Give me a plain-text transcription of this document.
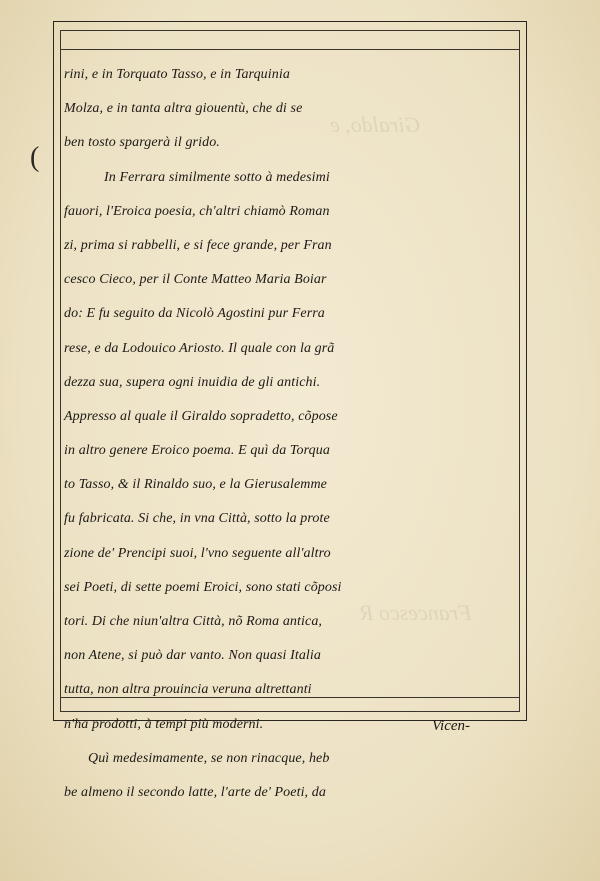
Giraldo, e
Francesco R
(
rini, e in Torquato Tasso, e in Tarquinia
Molza, e in tanta altra giouentù, che di se
ben tosto spargerà il grido.
In Ferrara similmente sotto à medesimi
fauori, l'Eroica poesia, ch'altri chiamò Roman
zi, prima si rabbelli, e si fece grande, per Fran
cesco Cieco, per il Conte Matteo Maria Boiar
do: E fu seguito da Nicolò Agostini pur Ferra
rese, e da Lodouico Ariosto. Il quale con la grã
dezza sua, supera ogni inuidia de gli antichi.
Appresso al quale il Giraldo sopradetto, cõpose
in altro genere Eroico poema. E quì da Torqua
to Tasso, & il Rinaldo suo, e la Gierusalemme
fu fabricata. Si che, in vna Città, sotto la prote
zione de' Prencipi suoi, l'vno seguente all'altro
sei Poeti, di sette poemi Eroici, sono stati cõposi
tori. Di che niun'altra Città, nõ Roma antica,
non Atene, si può dar vanto. Non quasi Italia
tutta, non altra prouincia veruna altrettanti
n'ha prodotti, à tempi più moderni.
Quì medesimamente, se non rinacque, heb
be almeno il secondo latte, l'arte de' Poeti, da
Vicen-
